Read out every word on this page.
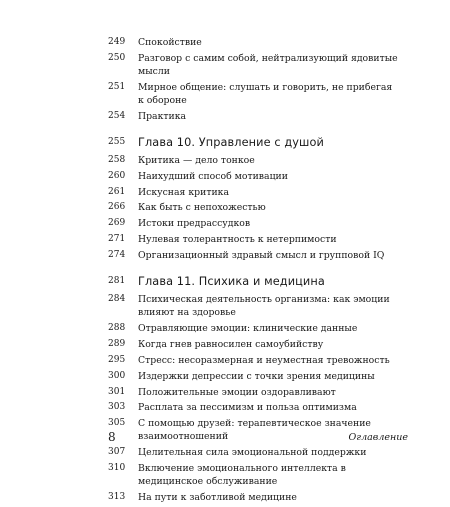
249	Спокойствие
250	Разговор с самим собой, нейтрализующий ядовитые мысли
251	Мирное общение: слушать и говорить, не прибегая к обороне
254	Практика
255	Глава 10. Управление с душой
258	Критика — дело тонкое
260	Наихудший способ мотивации
261	Искусная критика
266	Как быть с непохожестью
269	Истоки предрассудков
271	Нулевая толерантность к нетерпимости
274	Организационный здравый смысл и групповой IQ
281	Глава 11. Психика и медицина
284	Психическая деятельность организма: как эмоции влияют на здоровье
288	Отравляющие эмоции: клинические данные
289	Когда гнев равносилен самоубийству
295	Стресс: несоразмерная и неуместная тревожность
300	Издержки депрессии с точки зрения медицины
301	Положительные эмоции оздоравливают
303	Расплата за пессимизм и польза оптимизма
305	С помощью друзей: терапевтическое значение взаимоотношений
307	Целительная сила эмоциональной поддержки
310	Включение эмоционального интеллекта в медицинское обслуживание
313	На пути к заботливой медицине
8	Оглавление
